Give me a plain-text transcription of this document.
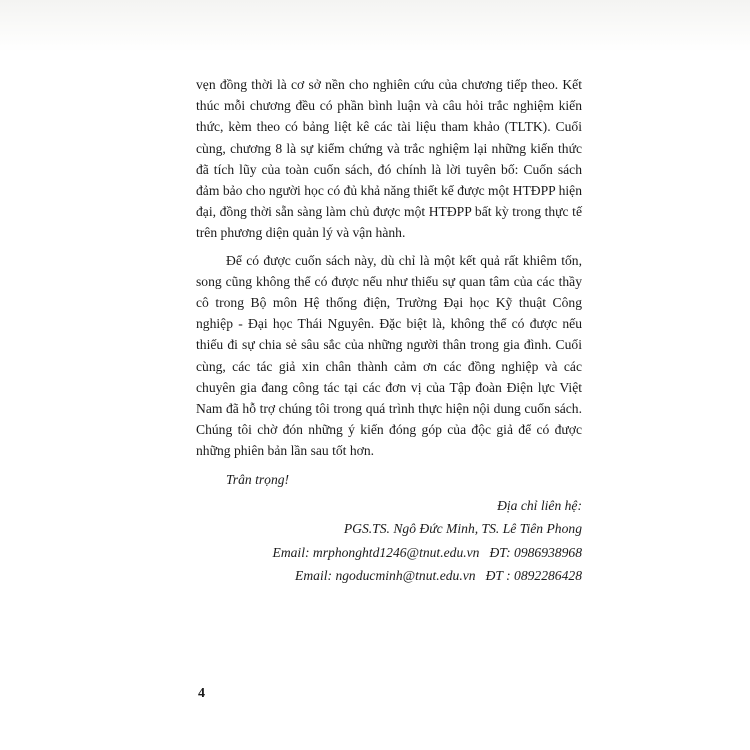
vẹn đồng thời là cơ sở nền cho nghiên cứu của chương tiếp theo. Kết thúc mỗi chương đều có phần bình luận và câu hỏi trắc nghiệm kiến thức, kèm theo có bảng liệt kê các tài liệu tham khảo (TLTK). Cuối cùng, chương 8 là sự kiểm chứng và trắc nghiệm lại những kiến thức đã tích lũy của toàn cuốn sách, đó chính là lời tuyên bố: Cuốn sách đảm bảo cho người học có đủ khả năng thiết kế được một HTĐPP hiện đại, đồng thời sẵn sàng làm chủ được một HTĐPP bất kỳ trong thực tế trên phương diện quản lý và vận hành.

Để có được cuốn sách này, dù chỉ là một kết quả rất khiêm tốn, song cũng không thể có được nếu như thiếu sự quan tâm của các thầy cô trong Bộ môn Hệ thống điện, Trường Đại học Kỹ thuật Công nghiệp - Đại học Thái Nguyên. Đặc biệt là, không thể có được nếu thiếu đi sự chia sẻ sâu sắc của những người thân trong gia đình. Cuối cùng, các tác giả xin chân thành cảm ơn các đồng nghiệp và các chuyên gia đang công tác tại các đơn vị của Tập đoàn Điện lực Việt Nam đã hỗ trợ chúng tôi trong quá trình thực hiện nội dung cuốn sách. Chúng tôi chờ đón những ý kiến đóng góp của độc giả để có được những phiên bản lần sau tốt hơn.

Trân trọng!

Địa chỉ liên hệ:

PGS.TS. Ngô Đức Minh, TS. Lê Tiên Phong

Email: mrphonghtd1246@tnut.edu.vn ĐT: 0986938968

Email: ngoducminh@tnut.edu.vn ĐT : 0892286428

4
